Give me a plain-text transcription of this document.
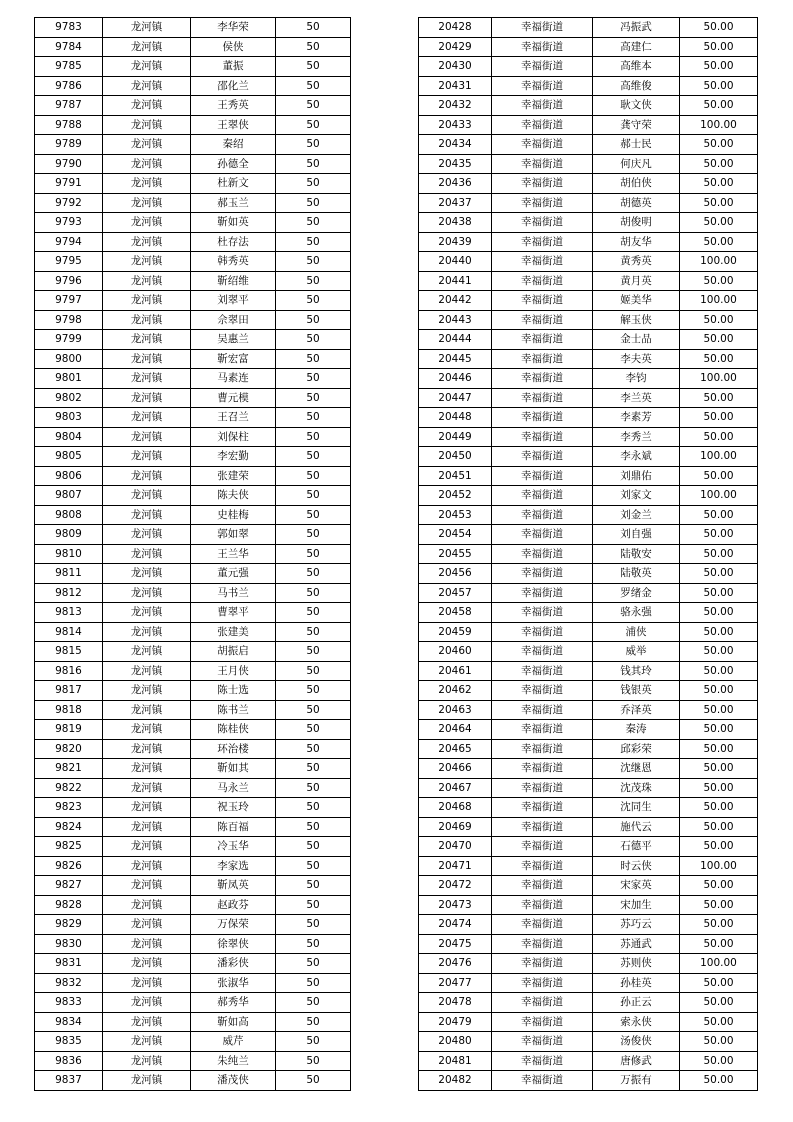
9783	龙河镇	李华荣	50
9784	龙河镇	侯侠	50
9785	龙河镇	董振	50
9786	龙河镇	邵化兰	50
9787	龙河镇	王秀英	50
9788	龙河镇	王翠侠	50
9789	龙河镇	秦绍	50
9790	龙河镇	孙德全	50
9791	龙河镇	杜新文	50
9792	龙河镇	郝玉兰	50
9793	龙河镇	靳如英	50
9794	龙河镇	杜存法	50
9795	龙河镇	韩秀英	50
9796	龙河镇	靳绍维	50
9797	龙河镇	刘翠平	50
9798	龙河镇	佘翠田	50
9799	龙河镇	吴惠兰	50
9800	龙河镇	靳宏富	50
9801	龙河镇	马素连	50
9802	龙河镇	曹元模	50
9803	龙河镇	王召兰	50
9804	龙河镇	刘保柱	50
9805	龙河镇	李宏勤	50
9806	龙河镇	张建荣	50
9807	龙河镇	陈夫侠	50
9808	龙河镇	史桂梅	50
9809	龙河镇	郭如翠	50
9810	龙河镇	王兰华	50
9811	龙河镇	董元强	50
9812	龙河镇	马书兰	50
9813	龙河镇	曹翠平	50
9814	龙河镇	张建美	50
9815	龙河镇	胡振启	50
9816	龙河镇	王月侠	50
9817	龙河镇	陈士选	50
9818	龙河镇	陈书兰	50
9819	龙河镇	陈桂侠	50
9820	龙河镇	环治楼	50
9821	龙河镇	靳如其	50
9822	龙河镇	马永兰	50
9823	龙河镇	祝玉玲	50
9824	龙河镇	陈百福	50
9825	龙河镇	冷玉华	50
9826	龙河镇	李家选	50
9827	龙河镇	靳凤英	50
9828	龙河镇	赵政芬	50
9829	龙河镇	万保荣	50
9830	龙河镇	徐翠侠	50
9831	龙河镇	潘彩侠	50
9832	龙河镇	张淑华	50
9833	龙河镇	郝秀华	50
9834	龙河镇	靳如高	50
9835	龙河镇	威芹	50
9836	龙河镇	朱纯兰	50
9837	龙河镇	潘茂侠	50
20428	幸福街道	冯振武	50.00
20429	幸福街道	高建仁	50.00
20430	幸福街道	高维本	50.00
20431	幸福街道	高维俊	50.00
20432	幸福街道	耿文侠	50.00
20433	幸福街道	龚守荣	100.00
20434	幸福街道	郝士民	50.00
20435	幸福街道	何庆凡	50.00
20436	幸福街道	胡伯侠	50.00
20437	幸福街道	胡德英	50.00
20438	幸福街道	胡俊明	50.00
20439	幸福街道	胡友华	50.00
20440	幸福街道	黄秀英	100.00
20441	幸福街道	黄月英	50.00
20442	幸福街道	姬美华	100.00
20443	幸福街道	解玉侠	50.00
20444	幸福街道	金士品	50.00
20445	幸福街道	李夫英	50.00
20446	幸福街道	李钧	100.00
20447	幸福街道	李兰英	50.00
20448	幸福街道	李素芳	50.00
20449	幸福街道	李秀兰	50.00
20450	幸福街道	李永斌	100.00
20451	幸福街道	刘鼎佑	50.00
20452	幸福街道	刘家文	100.00
20453	幸福街道	刘金兰	50.00
20454	幸福街道	刘自强	50.00
20455	幸福街道	陆敬安	50.00
20456	幸福街道	陆敬英	50.00
20457	幸福街道	罗绪金	50.00
20458	幸福街道	骆永强	50.00
20459	幸福街道	浦侠	50.00
20460	幸福街道	威举	50.00
20461	幸福街道	钱其玲	50.00
20462	幸福街道	钱银英	50.00
20463	幸福街道	乔泽英	50.00
20464	幸福街道	秦涛	50.00
20465	幸福街道	邱彩荣	50.00
20466	幸福街道	沈继恩	50.00
20467	幸福街道	沈茂珠	50.00
20468	幸福街道	沈同生	50.00
20469	幸福街道	施代云	50.00
20470	幸福街道	石德平	50.00
20471	幸福街道	时云侠	100.00
20472	幸福街道	宋家英	50.00
20473	幸福街道	宋加生	50.00
20474	幸福街道	苏巧云	50.00
20475	幸福街道	苏通武	50.00
20476	幸福街道	苏则侠	100.00
20477	幸福街道	孙桂英	50.00
20478	幸福街道	孙正云	50.00
20479	幸福街道	索永侠	50.00
20480	幸福街道	汤俊侠	50.00
20481	幸福街道	唐修武	50.00
20482	幸福街道	万振有	50.00
